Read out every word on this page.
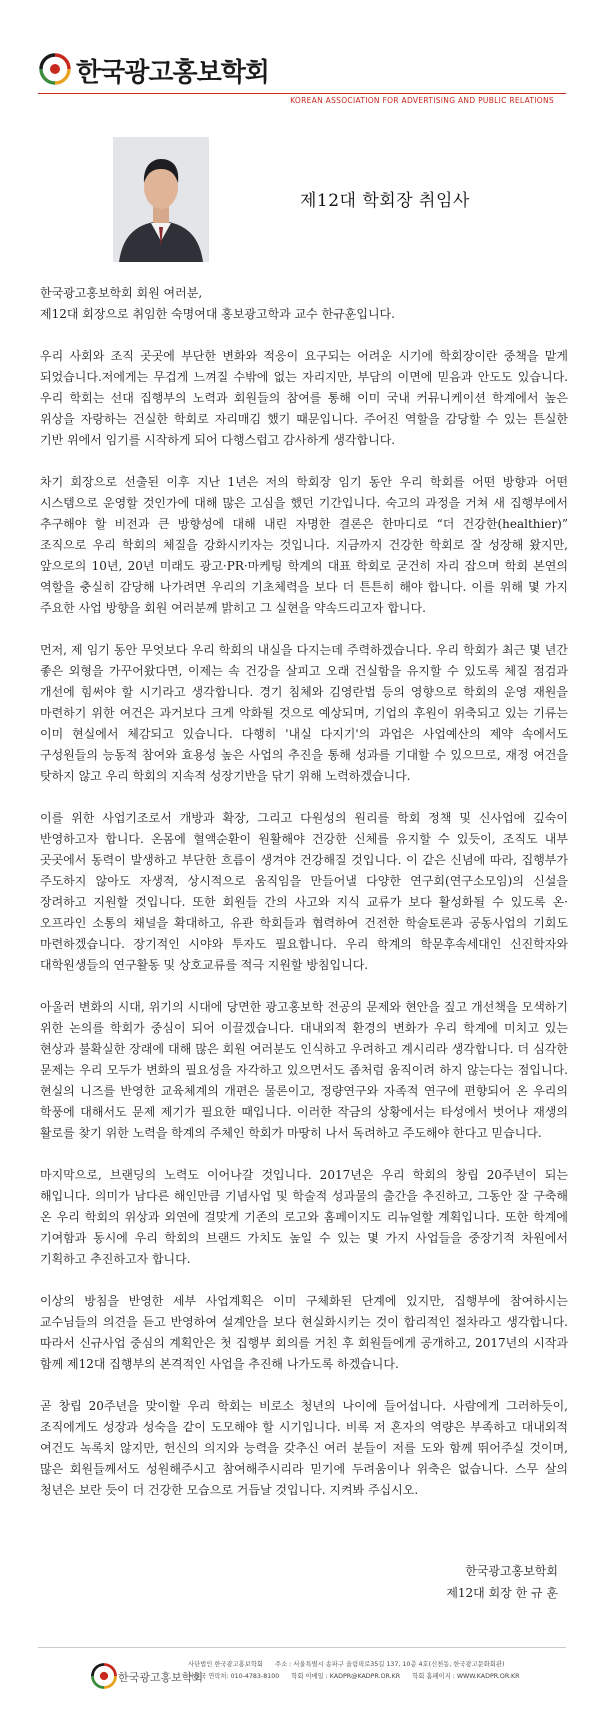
한국광고홍보학회
KOREAN ASSOCIATION FOR ADVERTISING AND PUBLIC RELATIONS
제12대 학회장 취임사

한국광고홍보학회 회원 여러분,
제12대 회장으로 취임한 숙명여대 홍보광고학과 교수 한규훈입니다.

우리 사회와 조직 곳곳에 부단한 변화와 적응이 요구되는 어려운 시기에 학회장이란 중책을 맡게 되었습니다.저에게는 무겁게 느껴질 수밖에 없는 자리지만, 부담의 이면에 믿음과 안도도 있습니다. 우리 학회는 선대 집행부의 노력과 회원들의 참여를 통해 이미 국내 커뮤니케이션 학계에서 높은 위상을 자랑하는 건실한 학회로 자리매김 했기 때문입니다. 주어진 역할을 감당할 수 있는 튼실한 기반 위에서 임기를 시작하게 되어 다행스럽고 감사하게 생각합니다.

차기 회장으로 선출된 이후 지난 1년은 저의 학회장 임기 동안 우리 학회를 어떤 방향과 어떤 시스템으로 운영할 것인가에 대해 많은 고심을 했던 기간입니다. 숙고의 과정을 거쳐 새 집행부에서 추구해야 할 비전과 큰 방향성에 대해 내린 자명한 결론은 한마디로 “더 건강한(healthier)” 조직으로 우리 학회의 체질을 강화시키자는 것입니다. 지금까지 건강한 학회로 잘 성장해 왔지만, 앞으로의 10년, 20년 미래도 광고·PR·마케팅 학계의 대표 학회로 굳건히 자리 잡으며 학회 본연의 역할을 충실히 감당해 나가려면 우리의 기초체력을 보다 더 튼튼히 해야 합니다. 이를 위해 몇 가지 주요한 사업 방향을 회원 여러분께 밝히고 그 실현을 약속드리고자 합니다.

먼저, 제 임기 동안 무엇보다 우리 학회의 내실을 다지는데 주력하겠습니다. 우리 학회가 최근 몇 년간 좋은 외형을 가꾸어왔다면, 이제는 속 건강을 살피고 오래 건실함을 유지할 수 있도록 체질 점검과 개선에 힘써야 할 시기라고 생각합니다. 경기 침체와 김영란법 등의 영향으로 학회의 운영 재원을 마련하기 위한 여건은 과거보다 크게 악화될 것으로 예상되며, 기업의 후원이 위축되고 있는 기류는 이미 현실에서 체감되고 있습니다. 다행히 '내실 다지기'의 과업은 사업예산의 제약 속에서도 구성원들의 능동적 참여와 효용성 높은 사업의 추진을 통해 성과를 기대할 수 있으므로, 재정 여건을 탓하지 않고 우리 학회의 지속적 성장기반을 닦기 위해 노력하겠습니다.

이를 위한 사업기조로서 개방과 확장, 그리고 다원성의 원리를 학회 정책 및 신사업에 깊숙이 반영하고자 합니다. 온몸에 혈액순환이 원활해야 건강한 신체를 유지할 수 있듯이, 조직도 내부 곳곳에서 동력이 발생하고 부단한 흐름이 생겨야 건강해질 것입니다. 이 같은 신념에 따라, 집행부가 주도하지 않아도 자생적, 상시적으로 움직임을 만들어낼 다양한 연구회(연구소모임)의 신설을 장려하고 지원할 것입니다. 또한 회원들 간의 사고와 지식 교류가 보다 활성화될 수 있도록 온·오프라인 소통의 채널을 확대하고, 유관 학회들과 협력하여 건전한 학술토론과 공동사업의 기회도 마련하겠습니다. 장기적인 시야와 투자도 필요합니다. 우리 학계의 학문후속세대인 신진학자와 대학원생들의 연구활동 및 상호교류를 적극 지원할 방침입니다.

아울러 변화의 시대, 위기의 시대에 당면한 광고홍보학 전공의 문제와 현안을 짚고 개선책을 모색하기 위한 논의를 학회가 중심이 되어 이끌겠습니다. 대내외적 환경의 변화가 우리 학계에 미치고 있는 현상과 불확실한 장래에 대해 많은 회원 여러분도 인식하고 우려하고 계시리라 생각합니다. 더 심각한 문제는 우리 모두가 변화의 필요성을 자각하고 있으면서도 좀처럼 움직이려 하지 않는다는 점입니다. 현실의 니즈를 반영한 교육체계의 개편은 물론이고, 정량연구와 자족적 연구에 편향되어 온 우리의 학풍에 대해서도 문제 제기가 필요한 때입니다. 이러한 작금의 상황에서는 타성에서 벗어나 재생의 활로를 찾기 위한 노력을 학계의 주체인 학회가 마땅히 나서 독려하고 주도해야 한다고 믿습니다.

마지막으로, 브랜딩의 노력도 이어나갈 것입니다. 2017년은 우리 학회의 창립 20주년이 되는 해입니다. 의미가 남다른 해인만큼 기념사업 및 학술적 성과물의 출간을 추진하고, 그동안 잘 구축해 온 우리 학회의 위상과 외연에 걸맞게 기존의 로고와 홈페이지도 리뉴얼할 계획입니다. 또한 학계에 기여함과 동시에 우리 학회의 브랜드 가치도 높일 수 있는 몇 가지 사업들을 중장기적 차원에서 기획하고 추진하고자 합니다.

이상의 방침을 반영한 세부 사업계획은 이미 구체화된 단계에 있지만, 집행부에 참여하시는 교수님들의 의견을 듣고 반영하여 설계안을 보다 현실화시키는 것이 합리적인 절차라고 생각합니다. 따라서 신규사업 중심의 계획안은 첫 집행부 회의를 거친 후 회원들에게 공개하고, 2017년의 시작과 함께 제12대 집행부의 본격적인 사업을 추진해 나가도록 하겠습니다.

곧 창립 20주년을 맞이할 우리 학회는 비로소 청년의 나이에 들어섭니다. 사람에게 그러하듯이, 조직에게도 성장과 성숙을 같이 도모해야 할 시기입니다. 비록 저 혼자의 역량은 부족하고 대내외적 여건도 녹록치 않지만, 헌신의 의지와 능력을 갖추신 여러 분들이 저를 도와 함께 뛰어주실 것이며, 많은 회원들께서도 성원해주시고 참여해주시리라 믿기에 두려움이나 위축은 없습니다. 스무 살의 청년은 보란 듯이 더 건강한 모습으로 거듭날 것입니다. 지켜봐 주십시오.

한국광고홍보학회
제12대 회장 한 규 훈
한국광고홍보학회
사단법인 한국광고홍보학회 주소 : 서울특별시 송파구 올림픽로35길 137, 10층 4호(신천동, 한국광고문화회관)
사무국 연락처: 010-4783-8100 학회 이메일 : KADPR@KADPR.OR.KR 학회 홈페이지 : WWW.KADPR.OR.KR
